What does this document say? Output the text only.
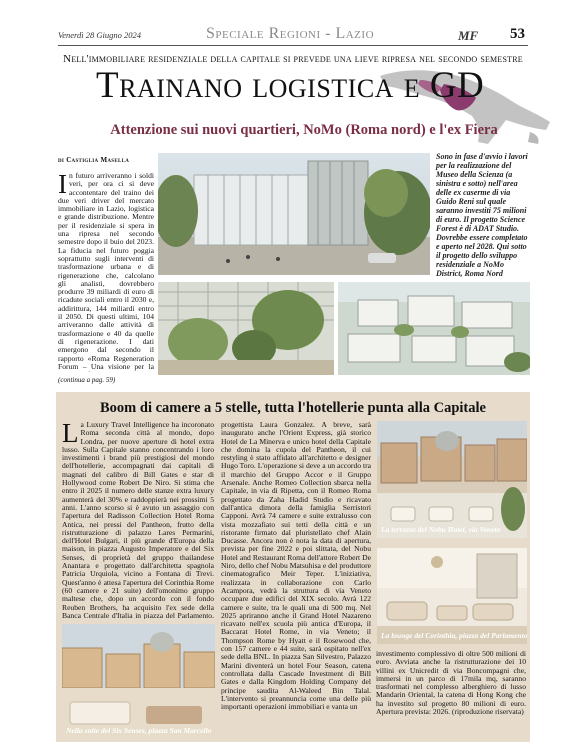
Venerdì 28 Giugno 2024	Speciale Regioni - Lazio	MF 53
Nell'immobiliare residenziale della capitale si prevede una lieve ripresa nel secondo semestre
Trainano logistica e GD
Attenzione sui nuovi quartieri, NoMo (Roma nord) e l'ex Fiera
di Castiglia Masella
In futuro arriveranno i soldi veri, per ora ci si deve accontentare del traino dei due veri driver del mercato immobiliare in Lazio, logistica e grande distribuzione. Mentre per il residenziale si spera in una ripresa nel secondo semestre dopo il buio del 2023. La fiducia nel futuro poggia soprattutto sugli interventi di trasformazione urbana e di rigenerazione che, calcolano gli analisti, dovrebbero produrre 39 miliardi di euro di ricadute sociali entro il 2030 e, addirittura, 144 miliardi entro il 2050. Di questi ultimi, 104 arriveranno dalle attività di trasformazione e 40 da quelle di rigenerazione. I dati emergono dal secondo il rapporto «Roma Regeneration Forum – Una visione per la
(continua a pag. 59)
Sono in fase d'avvio i lavori per la realizzazione del Museo della Scienza (a sinistra e sotto) nell'area delle ex caserme di via Guido Reni sul quale saranno investiti 75 milioni di euro. Il progetto Science Forest è di ADAT Studio. Dovrebbe essere completato e aperto nel 2028. Qui sotto il progetto dello sviluppo residenziale a NoMo District, Roma Nord
Boom di camere a 5 stelle, tutta l'hotellerie punta alla Capitale
La Luxury Travel Intelligence ha incoronato Roma seconda città al mondo, dopo Londra, per nuove aperture di hotel extra lusso. Sulla Capitale stanno concentrando i loro investimenti i brand più prestigiosi del mondo dell'hotellerie, accompagnati dai capitali di magnati del calibro di Bill Gates e star di Hollywood come Robert De Niro. Si stima che entro il 2025 il numero delle stanze extra luxury aumenterà del 30% e raddoppierà nei prossimi 5 anni. L'anno scorso si è avuto un assaggio con l'apertura del Radisson Collection Hotel Roma Antica, nei pressi del Pantheon, frutto della ristrutturazione di palazzo Lares Permarini, dell'Hotel Bulgari, il più grande d'Europa della maison, in piazza Augusto Imperatore e del Six Senses, di proprietà del gruppo thailandese Anantara e progettato dall'architetta spagnola Patricia Urquiola, vicino a Fontana di Trevi. Quest'anno è attesa l'apertura del Corinthia Rome (60 camere e 21 suite) dell'omonimo gruppo maltese che, dopo un accordo con il fondo Reuben Brothers, ha acquisito l'ex sede della Banca Centrale d'Italia in piazza del Parlamento.
progettista Laura Gonzalez. A breve, sarà inaugurato anche l'Orient Express, già storico Hotel de La Minerva e unico hotel della Capitale che domina la cupola del Pantheon, il cui restyling è stato affidato all'architetto e designer Hugo Toro. L'operazione si deve a un accordo tra il marchio del Gruppo Accor e il Gruppo Arsenale. Anche Romeo Collection sbarca nella Capitale, in via di Ripetta, con il Romeo Roma progettato da Zaha Hadid Studio e ricavato dall'antica dimora della famiglia Serristori Capponi. Avrà 74 camere e suite extralusso con vista mozzafiato sui tetti della città e un ristorante firmato dal pluristellato chef Alain Ducasse. Ancora non è nota la data di apertura, prevista per fine 2022 e poi slittata, del Nobu Hotel and Restaurant Roma dell'attore Robert De Niro, dello chef Nobu Matsuhisa e del produttore cinematografico Meir Teper. L'iniziativa, realizzata in collaborazione con Carlo Acampora, vedrà la struttura di via Veneto occupare due edifici del XIX secolo. Avrà 122 camere e suite, tra le quali una di 500 mq. Nel 2025 apriranno anche il Grand Hotel Nazareno ricavato nell'ex scuola più antica d'Europa, il Baccarat Hotel Rome, in via Veneto; il Thompson Rome by Hyatt e il Rosewood che, con 157 camere e 44 suite, sarà ospitato nell'ex sede della BNL. In piazza San Silvestro, Palazzo Marini diventerà un hotel Four Season, catena controllata dalla Cascade Investment di Bill Gates e dalla Kingdom Holding Company del principe saudita Al-Waleed Bin Talal. L'intervento si preannuncia come una delle più importanti operazioni immobiliari e vanta un
investimento complessivo di oltre 500 milioni di euro. Avviata anche la ristrutturazione dei 10 villini ex Unicredit di via Boncompagni che, immersi in un parco di 17mila mq, saranno trasformati nel complesso alberghiero di lusso Mandarin Oriental, la catena di Hong Kong che ha investito sul progetto 80 milioni di euro. Apertura prevista: 2026. (riproduzione riservata)
La terrazza del Nobu Hotel, via Veneto
La lounge del Corinthia, piazza del Parlamento
Nella suite del Six Senses, piazza San Marcello
